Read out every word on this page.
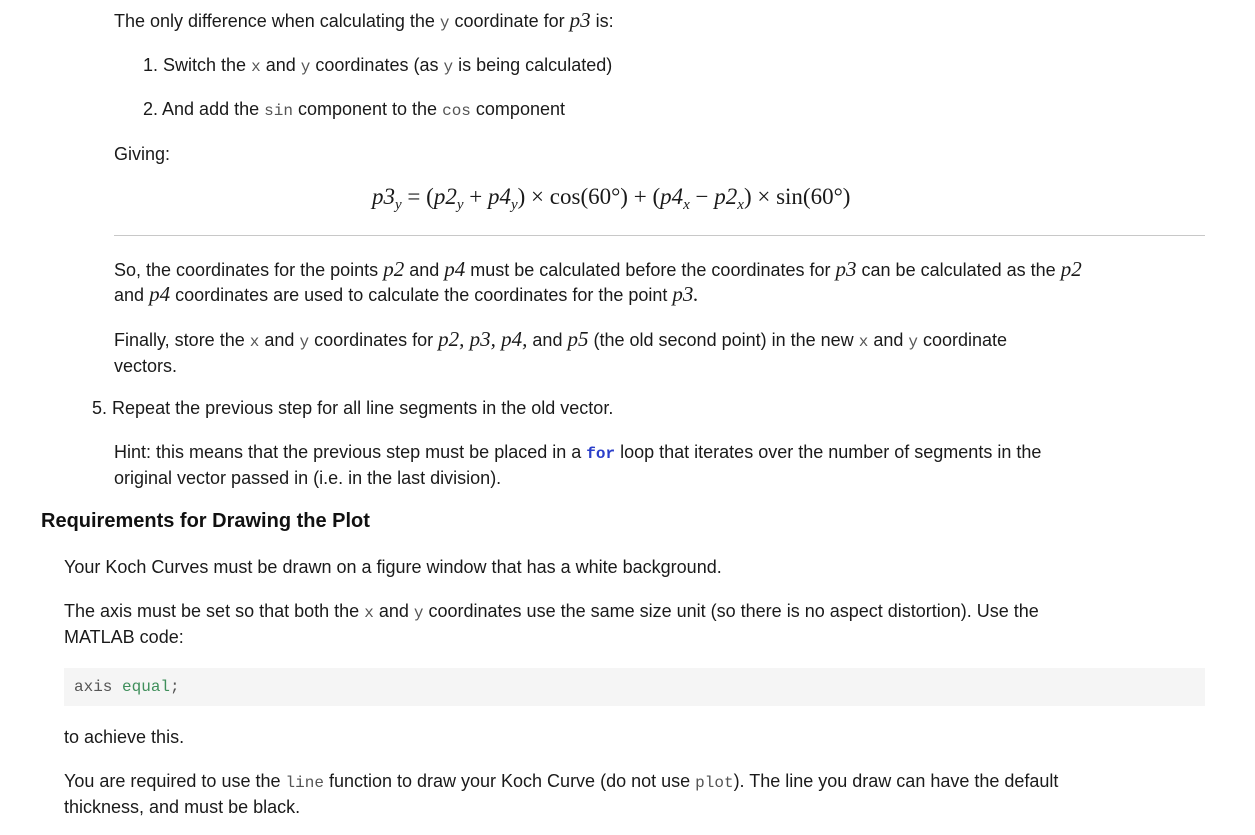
The only difference when calculating the y coordinate for p3 is:

1. Switch the x and y coordinates (as y is being calculated)

2. And add the sin component to the cos component

Giving:

$p3_y = (p2_y + p4_y) \times \cos(60^\circ) + (p4_x - p2_x) \times \sin(60^\circ)$

So, the coordinates for the points p2 and p4 must be calculated before the coordinates for p3 can be calculated as the p2
and p4 coordinates are used to calculate the coordinates for the point p3.

Finally, store the x and y coordinates for p2, p3, p4, and p5 (the old second point) in the new x and y coordinate
vectors.

5. Repeat the previous step for all line segments in the old vector.

Hint: this means that the previous step must be placed in a for loop that iterates over the number of segments in the
original vector passed in (i.e. in the last division).

Requirements for Drawing the Plot

Your Koch Curves must be drawn on a figure window that has a white background.

The axis must be set so that both the x and y coordinates use the same size unit (so there is no aspect distortion). Use the
MATLAB code:

axis equal;

to achieve this.

You are required to use the line function to draw your Koch Curve (do not use plot). The line you draw can have the default
thickness, and must be black.
